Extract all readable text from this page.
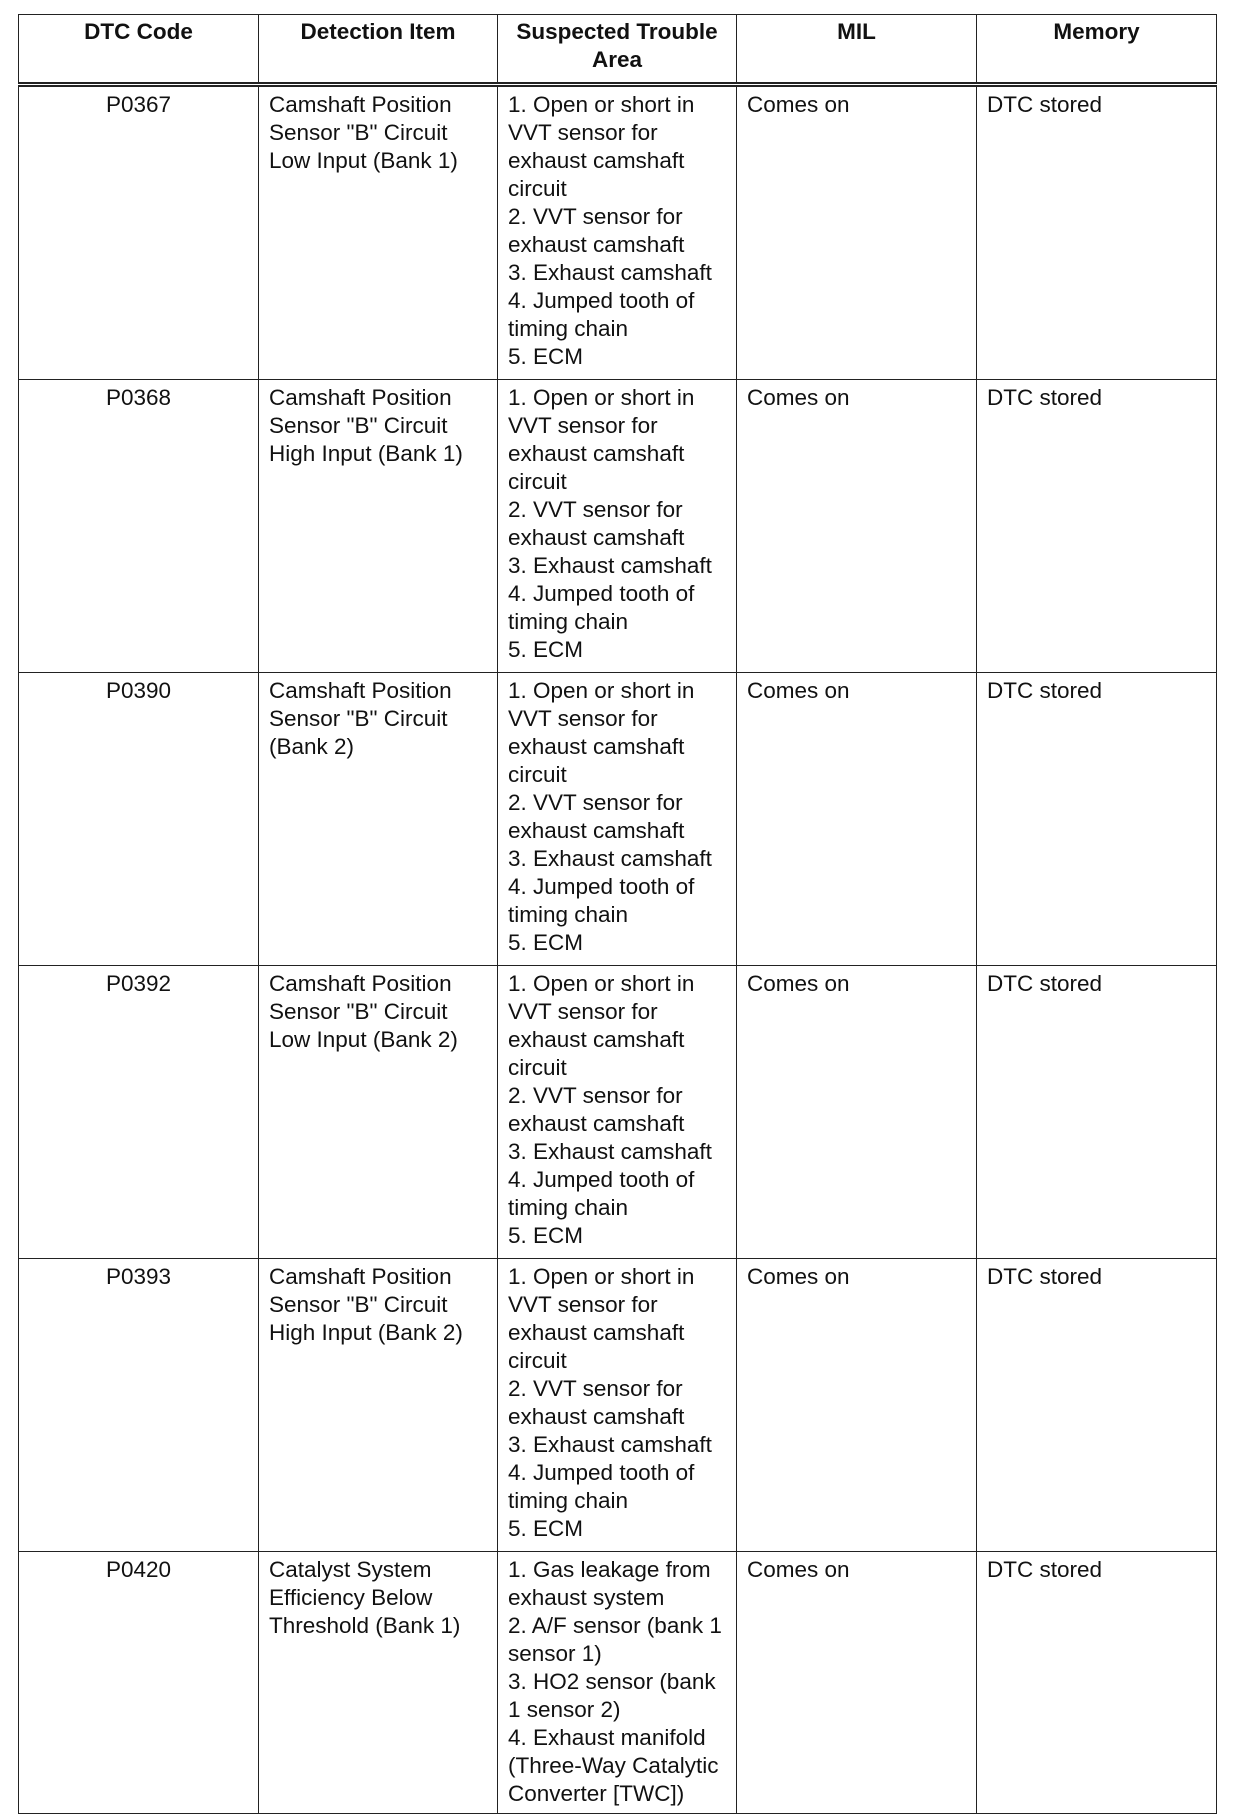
DTC Code	Detection Item	Suspected Trouble Area	MIL	Memory
P0367	Camshaft Position Sensor "B" Circuit Low Input (Bank 1)	1. Open or short in VVT sensor for exhaust camshaft circuit
2. VVT sensor for exhaust camshaft
3. Exhaust camshaft
4. Jumped tooth of timing chain
5. ECM	Comes on	DTC stored
P0368	Camshaft Position Sensor "B" Circuit High Input (Bank 1)	1. Open or short in VVT sensor for exhaust camshaft circuit
2. VVT sensor for exhaust camshaft
3. Exhaust camshaft
4. Jumped tooth of timing chain
5. ECM	Comes on	DTC stored
P0390	Camshaft Position Sensor "B" Circuit (Bank 2)	1. Open or short in VVT sensor for exhaust camshaft circuit
2. VVT sensor for exhaust camshaft
3. Exhaust camshaft
4. Jumped tooth of timing chain
5. ECM	Comes on	DTC stored
P0392	Camshaft Position Sensor "B" Circuit Low Input (Bank 2)	1. Open or short in VVT sensor for exhaust camshaft circuit
2. VVT sensor for exhaust camshaft
3. Exhaust camshaft
4. Jumped tooth of timing chain
5. ECM	Comes on	DTC stored
P0393	Camshaft Position Sensor "B" Circuit High Input (Bank 2)	1. Open or short in VVT sensor for exhaust camshaft circuit
2. VVT sensor for exhaust camshaft
3. Exhaust camshaft
4. Jumped tooth of timing chain
5. ECM	Comes on	DTC stored
P0420	Catalyst System Efficiency Below Threshold (Bank 1)	1. Gas leakage from exhaust system
2. A/F sensor (bank 1 sensor 1)
3. HO2 sensor (bank 1 sensor 2)
4. Exhaust manifold (Three-Way Catalytic Converter [TWC])	Comes on	DTC stored
